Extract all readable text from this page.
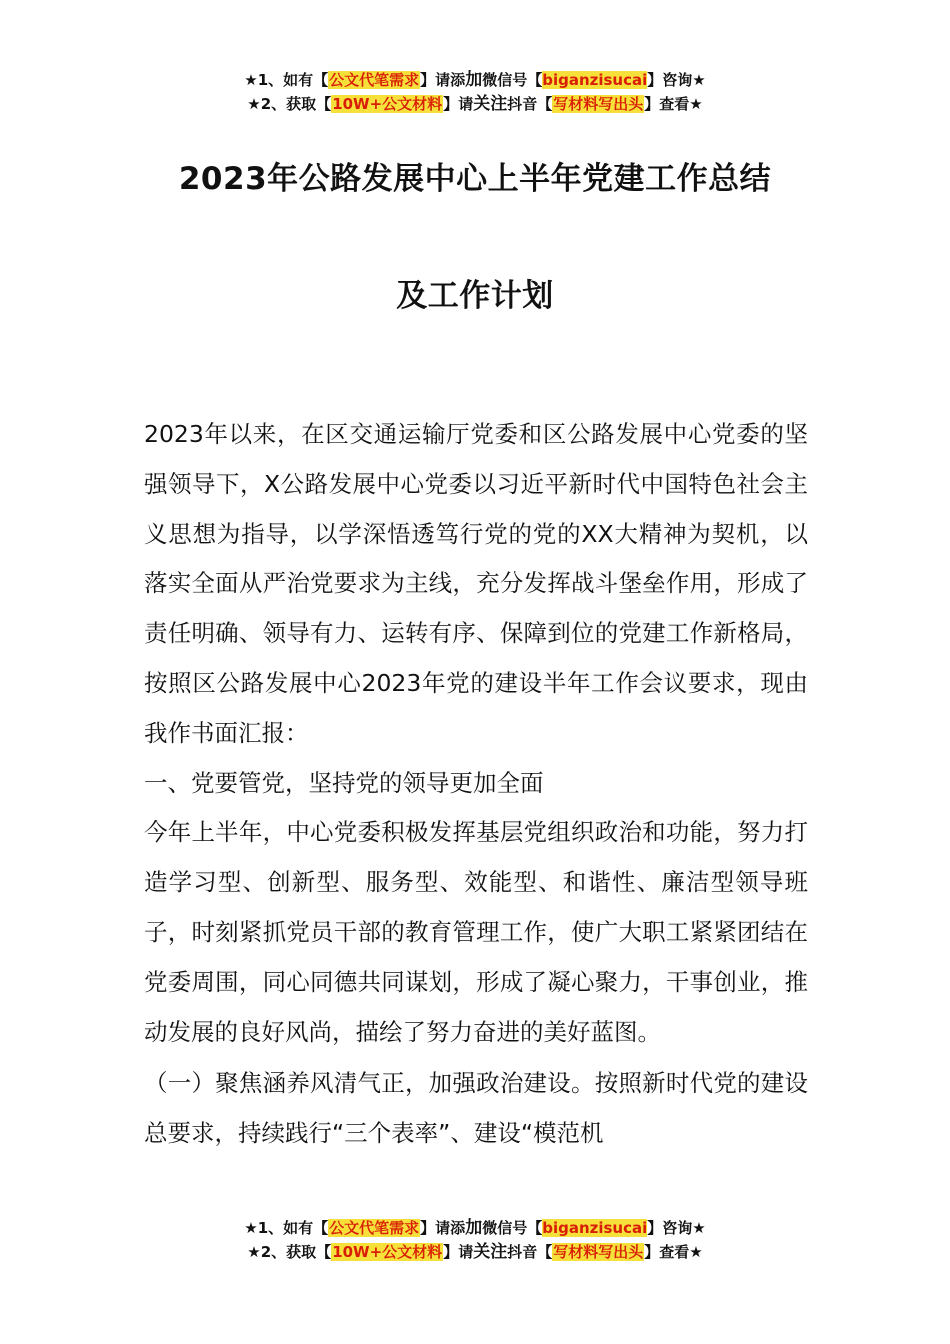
★1、如有【公文代笔需求】请添加微信号【biganzisucai】咨询★
★2、获取【10W+公文材料】请关注抖音【写材料写出头】查看★
2023年公路发展中心上半年党建工作总结
及工作计划

2023年以来，在区交通运输厅党委和区公路发展中心党委的坚强领导下，X公路发展中心党委以习近平新时代中国特色社会主义思想为指导，以学深悟透笃行党的党的XX大精神为契机，以落实全面从严治党要求为主线，充分发挥战斗堡垒作用，形成了责任明确、领导有力、运转有序、保障到位的党建工作新格局，按照区公路发展中心2023年党的建设半年工作会议要求，现由我作书面汇报：

一、党要管党，坚持党的领导更加全面

今年上半年，中心党委积极发挥基层党组织政治和功能，努力打造学习型、创新型、服务型、效能型、和谐性、廉洁型领导班子，时刻紧抓党员干部的教育管理工作，使广大职工紧紧团结在党委周围，同心同德共同谋划，形成了凝心聚力，干事创业，推动发展的良好风尚，描绘了努力奋进的美好蓝图。

（一）聚焦涵养风清气正，加强政治建设。按照新时代党的建设总要求，持续践行“三个表率”、建设“模范机

★1、如有【公文代笔需求】请添加微信号【biganzisucai】咨询★
★2、获取【10W+公文材料】请关注抖音【写材料写出头】查看★
